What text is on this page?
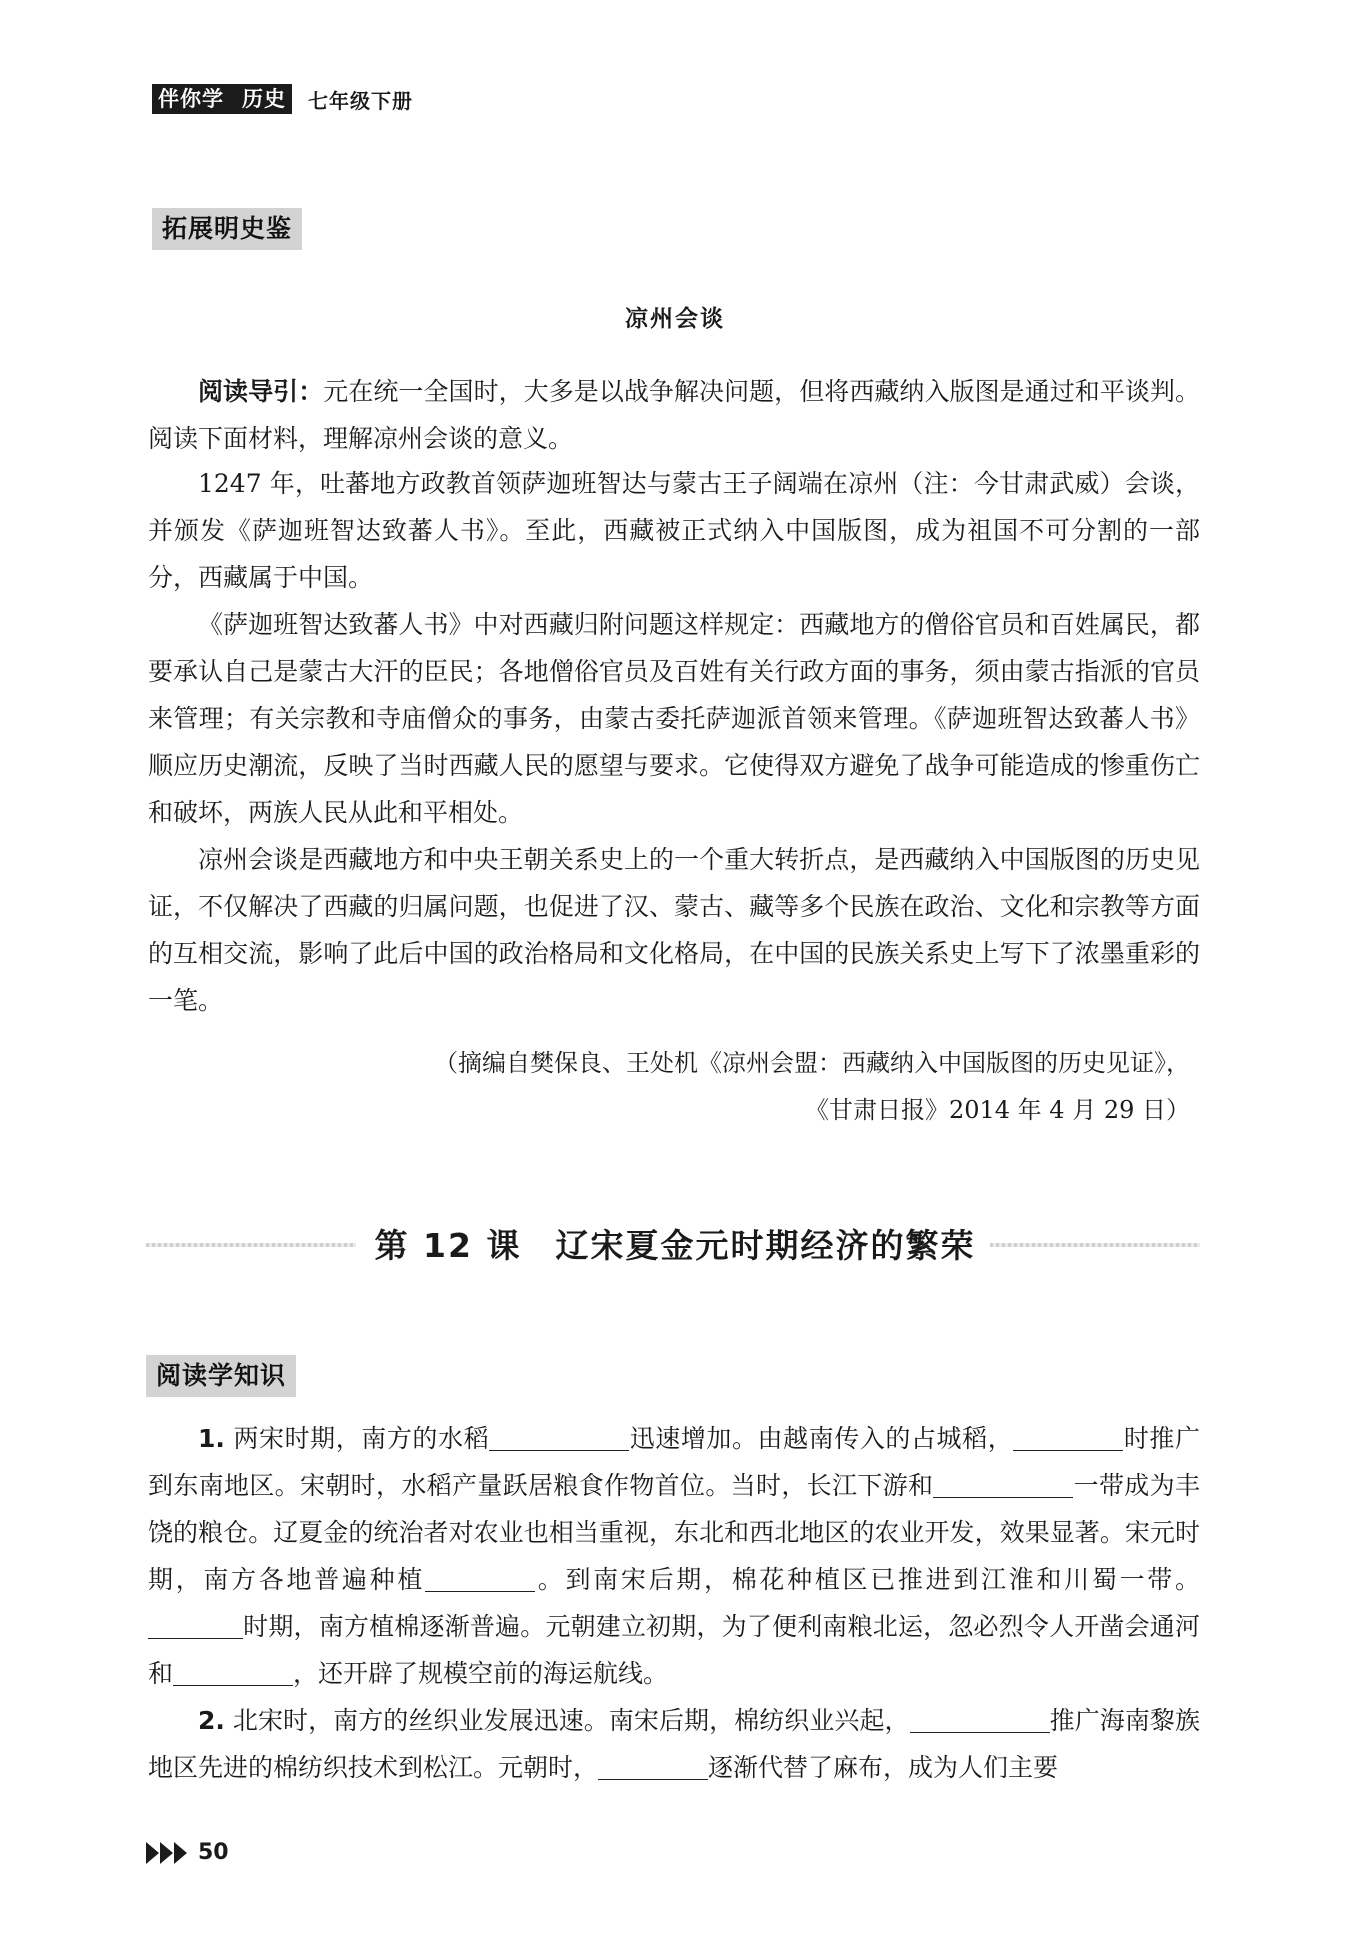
伴你学 历史 七年级下册
拓展明史鉴
凉州会谈

阅读导引：元在统一全国时，大多是以战争解决问题，但将西藏纳入版图是通过和平谈判。阅读下面材料，理解凉州会谈的意义。

1247 年，吐蕃地方政教首领萨迦班智达与蒙古王子阔端在凉州（注：今甘肃武威）会谈，并颁发《萨迦班智达致蕃人书》。至此，西藏被正式纳入中国版图，成为祖国不可分割的一部分，西藏属于中国。

《萨迦班智达致蕃人书》中对西藏归附问题这样规定：西藏地方的僧俗官员和百姓属民，都要承认自己是蒙古大汗的臣民；各地僧俗官员及百姓有关行政方面的事务，须由蒙古指派的官员来管理；有关宗教和寺庙僧众的事务，由蒙古委托萨迦派首领来管理。《萨迦班智达致蕃人书》顺应历史潮流，反映了当时西藏人民的愿望与要求。它使得双方避免了战争可能造成的惨重伤亡和破坏，两族人民从此和平相处。

凉州会谈是西藏地方和中央王朝关系史上的一个重大转折点，是西藏纳入中国版图的历史见证，不仅解决了西藏的归属问题，也促进了汉、蒙古、藏等多个民族在政治、文化和宗教等方面的互相交流，影响了此后中国的政治格局和文化格局，在中国的民族关系史上写下了浓墨重彩的一笔。

（摘编自樊保良、王处机《凉州会盟：西藏纳入中国版图的历史见证》，
《甘肃日报》2014 年 4 月 29 日）
第 12 课 辽宋夏金元时期经济的繁荣
阅读学知识

1. 两宋时期，南方的水稻	迅速增加。由越南传入的占城稻，	时推广到东南地区。宋朝时，水稻产量跃居粮食作物首位。当时，长江下游和	一带成为丰饶的粮仓。辽夏金的统治者对农业也相当重视，东北和西北地区的农业开发，效果显著。宋元时期，南方各地普遍种植	。到南宋后期，棉花种植区已推进到江淮和川蜀一带。时期，南方植棉逐渐普遍。元朝建立初期，为了便利南粮北运，忽必烈令人开凿会通河和	，还开辟了规模空前的海运航线。

2. 北宋时，南方的丝织业发展迅速。南宋后期，棉纺织业兴起，	推广海南黎族地区先进的棉纺织技术到松江。元朝时，	逐渐代替了麻布，成为人们主要

50
